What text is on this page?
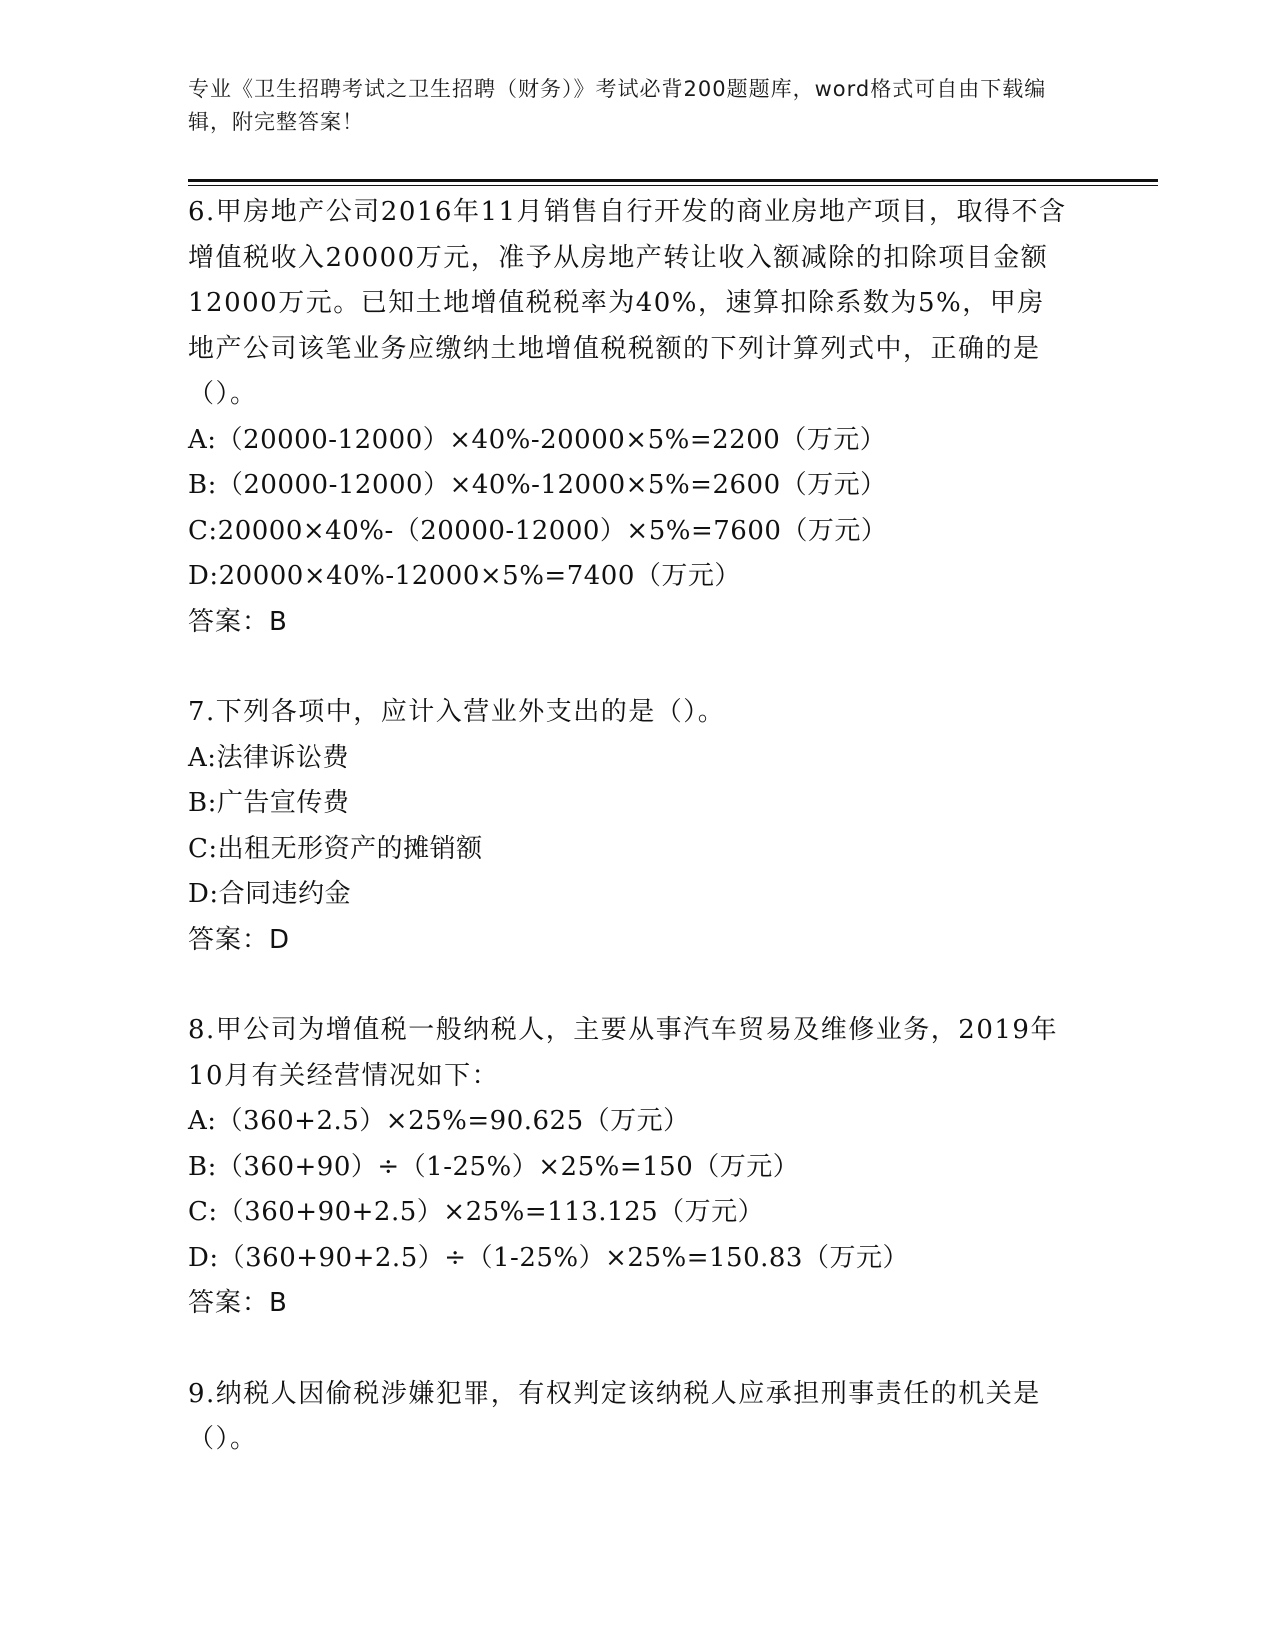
专业《卫生招聘考试之卫生招聘（财务）》考试必背200题题库，word格式可自由下载编辑，附完整答案！

6.甲房地产公司2016年11月销售自行开发的商业房地产项目，取得不含增值税收入20000万元，准予从房地产转让收入额减除的扣除项目金额12000万元。已知土地增值税税率为40%，速算扣除系数为5%，甲房地产公司该笔业务应缴纳土地增值税税额的下列计算列式中，正确的是（）。

A:（20000-12000）×40%-20000×5%=2200（万元）

B:（20000-12000）×40%-12000×5%=2600（万元）

C:20000×40%-（20000-12000）×5%=7600（万元）

D:20000×40%-12000×5%=7400（万元）

答案：B

7.下列各项中，应计入营业外支出的是（）。

A:法律诉讼费

B:广告宣传费

C:出租无形资产的摊销额

D:合同违约金

答案：D

8.甲公司为增值税一般纳税人，主要从事汽车贸易及维修业务，2019年10月有关经营情况如下：

A:（360+2.5）×25%=90.625（万元）

B:（360+90）÷（1-25%）×25%=150（万元）

C:（360+90+2.5）×25%=113.125（万元）

D:（360+90+2.5）÷（1-25%）×25%=150.83（万元）

答案：B

9.纳税人因偷税涉嫌犯罪，有权判定该纳税人应承担刑事责任的机关是（）。
